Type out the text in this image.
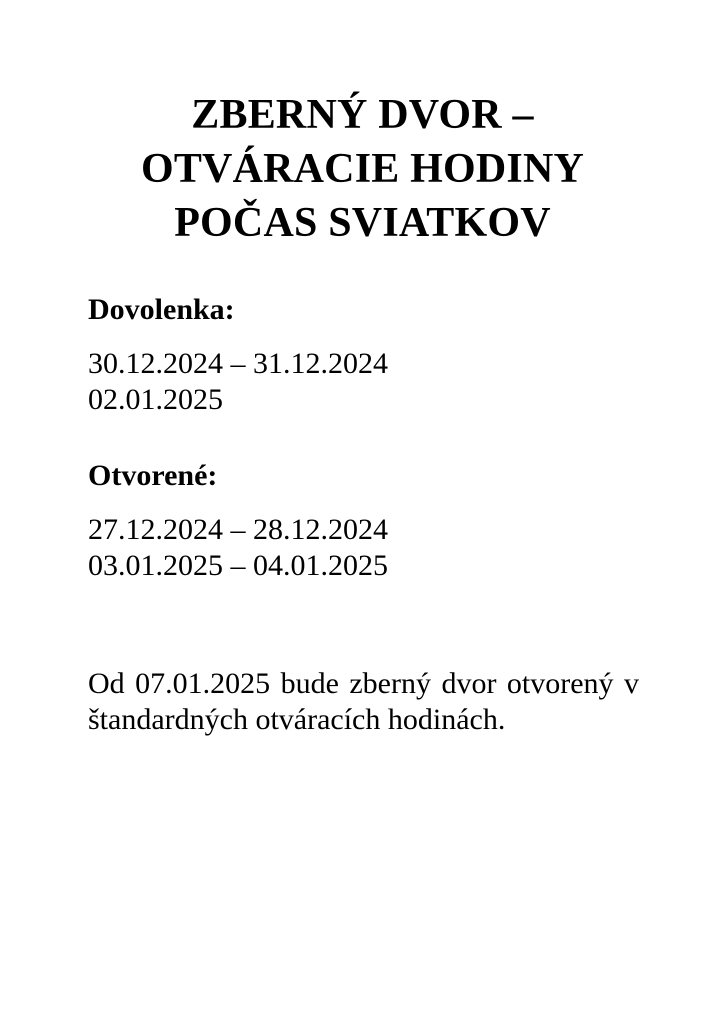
ZBERNÝ DVOR –
OTVÁRACIE HODINY
POČAS SVIATKOV

Dovolenka:

30.12.2024 – 31.12.2024

02.01.2025

Otvorené:

27.12.2024 – 28.12.2024

03.01.2025 – 04.01.2025

Od 07.01.2025 bude zberný dvor otvorený v štandardných otváracích hodinách.
